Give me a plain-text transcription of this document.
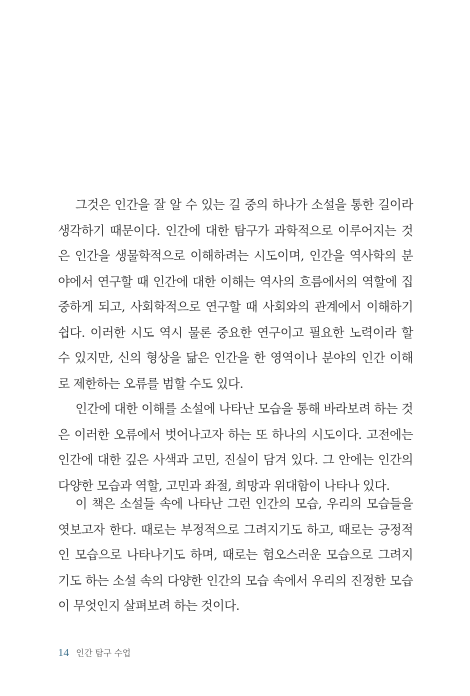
그것은 인간을 잘 알 수 있는 길 중의 하나가 소설을 통한 길이라 생각하기 때문이다. 인간에 대한 탐구가 과학적으로 이루어지는 것은 인간을 생물학적으로 이해하려는 시도이며, 인간을 역사학의 분야에서 연구할 때 인간에 대한 이해는 역사의 흐름에서의 역할에 집중하게 되고, 사회학적으로 연구할 때 사회와의 관계에서 이해하기 쉽다. 이러한 시도 역시 물론 중요한 연구이고 필요한 노력이라 할 수 있지만, 신의 형상을 닮은 인간을 한 영역이나 분야의 인간 이해로 제한하는 오류를 범할 수도 있다.

인간에 대한 이해를 소설에 나타난 모습을 통해 바라보려 하는 것은 이러한 오류에서 벗어나고자 하는 또 하나의 시도이다. 고전에는 인간에 대한 깊은 사색과 고민, 진실이 담겨 있다. 그 안에는 인간의 다양한 모습과 역할, 고민과 좌절, 희망과 위대함이 나타나 있다.

이 책은 소설들 속에 나타난 그런 인간의 모습, 우리의 모습들을 엿보고자 한다. 때로는 부정적으로 그려지기도 하고, 때로는 긍정적인 모습으로 나타나기도 하며, 때로는 험오스러운 모습으로 그려지기도 하는 소설 속의 다양한 인간의 모습 속에서 우리의 진정한 모습이 무엇인지 살펴보려 하는 것이다.

14 인간 탐구 수업
